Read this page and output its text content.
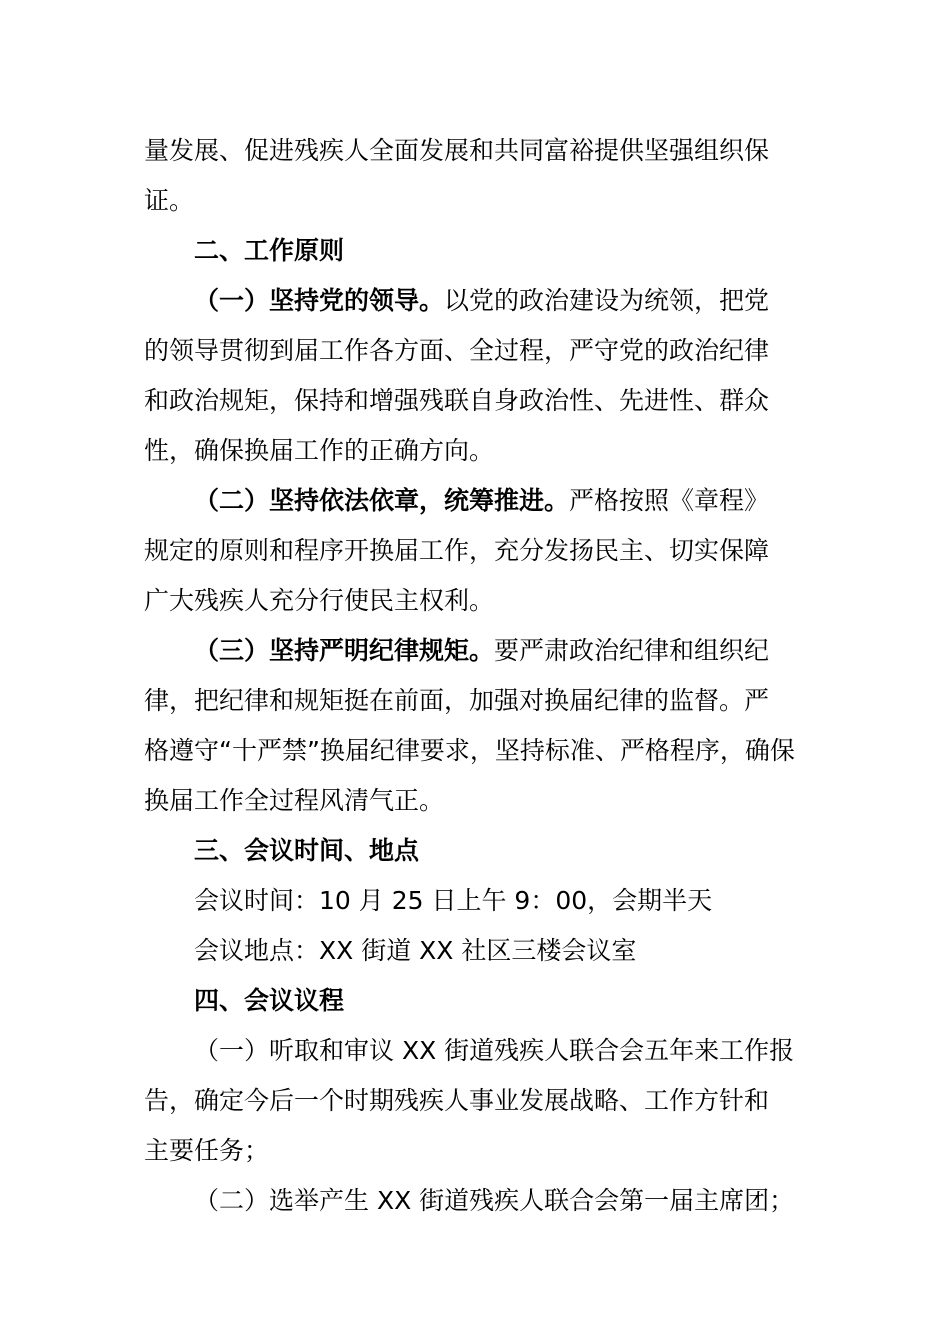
量发展、促进残疾人全面发展和共同富裕提供坚强组织保
证。
二、工作原则
（一）坚持党的领导。以党的政治建设为统领，把党
的领导贯彻到届工作各方面、全过程，严守党的政治纪律
和政治规矩，保持和增强残联自身政治性、先进性、群众
性，确保换届工作的正确方向。
（二）坚持依法依章，统筹推进。严格按照《章程》
规定的原则和程序开换届工作，充分发扬民主、切实保障
广大残疾人充分行使民主权利。
（三）坚持严明纪律规矩。要严肃政治纪律和组织纪
律，把纪律和规矩挺在前面，加强对换届纪律的监督。严
格遵守“十严禁”换届纪律要求，坚持标准、严格程序，确保
换届工作全过程风清气正。
三、会议时间、地点
会议时间：10 月 25 日上午 9：00，会期半天
会议地点：XX 街道 XX 社区三楼会议室
四、会议议程
（一）听取和审议 XX 街道残疾人联合会五年来工作报
告，确定今后一个时期残疾人事业发展战略、工作方针和
主要任务；
（二）选举产生 XX 街道残疾人联合会第一届主席团；
